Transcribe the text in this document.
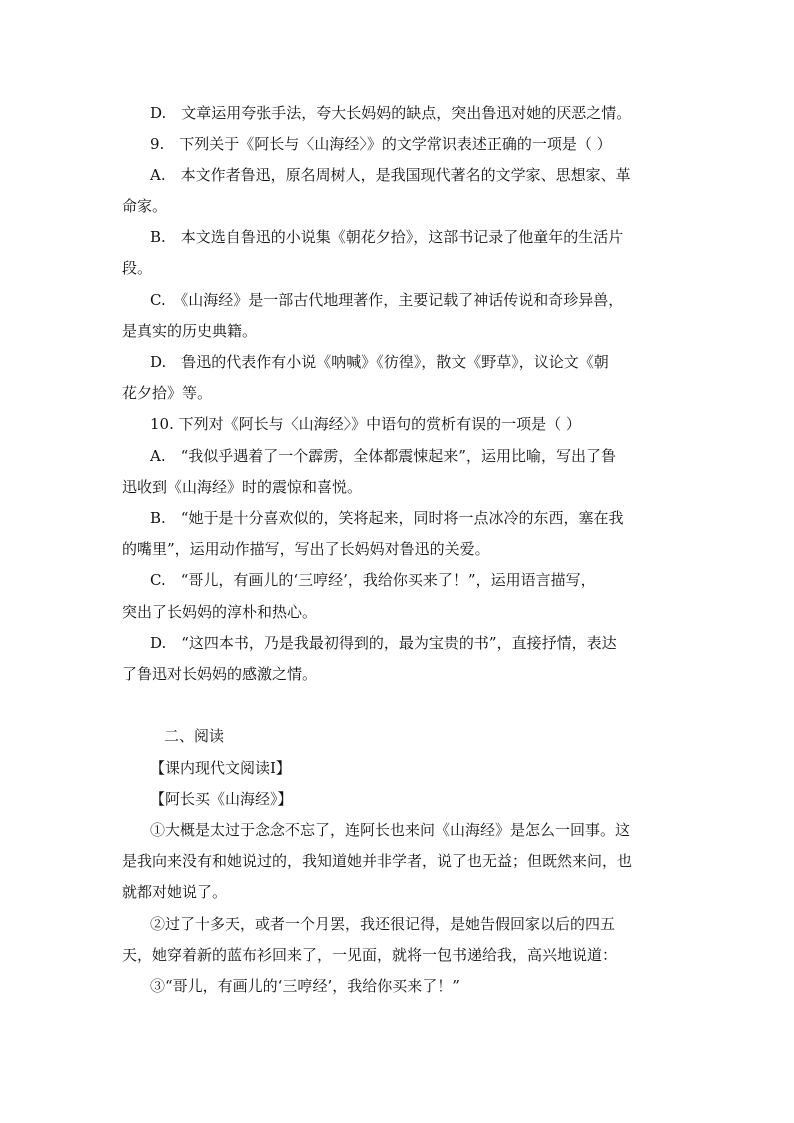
D.　文章运用夸张手法，夸大长妈妈的缺点，突出鲁迅对她的厌恶之情。
9.　下列关于《阿长与〈山海经〉》的文学常识表述正确的一项是（ ）
A.　本文作者鲁迅，原名周树人，是我国现代著名的文学家、思想家、革
命家。
B.　本文选自鲁迅的小说集《朝花夕拾》，这部书记录了他童年的生活片
段。
C.　《山海经》是一部古代地理著作，主要记载了神话传说和奇珍异兽，
是真实的历史典籍。
D.　鲁迅的代表作有小说《呐喊》《彷徨》，散文《野草》，议论文《朝
花夕拾》等。
10. 下列对《阿长与〈山海经〉》中语句的赏析有误的一项是（ ）
A.　“我似乎遇着了一个霹雳，全体都震悚起来”，运用比喻，写出了鲁
迅收到《山海经》时的震惊和喜悦。
B.　“她于是十分喜欢似的，笑将起来，同时将一点冰冷的东西，塞在我
的嘴里”，运用动作描写，写出了长妈妈对鲁迅的关爱。
C.　“哥儿，有画儿的‘三哼经’，我给你买来了！”，运用语言描写，
突出了长妈妈的淳朴和热心。
D.　“这四本书，乃是我最初得到的，最为宝贵的书”，直接抒情，表达
了鲁迅对长妈妈的感激之情。
二、阅读
【课内现代文阅读Ⅰ】
【阿长买《山海经》】
①大概是太过于念念不忘了，连阿长也来问《山海经》是怎么一回事。这
是我向来没有和她说过的，我知道她并非学者，说了也无益；但既然来问，也
就都对她说了。
②过了十多天，或者一个月罢，我还很记得，是她告假回家以后的四五
天，她穿着新的蓝布衫回来了，一见面，就将一包书递给我，高兴地说道：
③“哥儿，有画儿的‘三哼经’，我给你买来了！”
